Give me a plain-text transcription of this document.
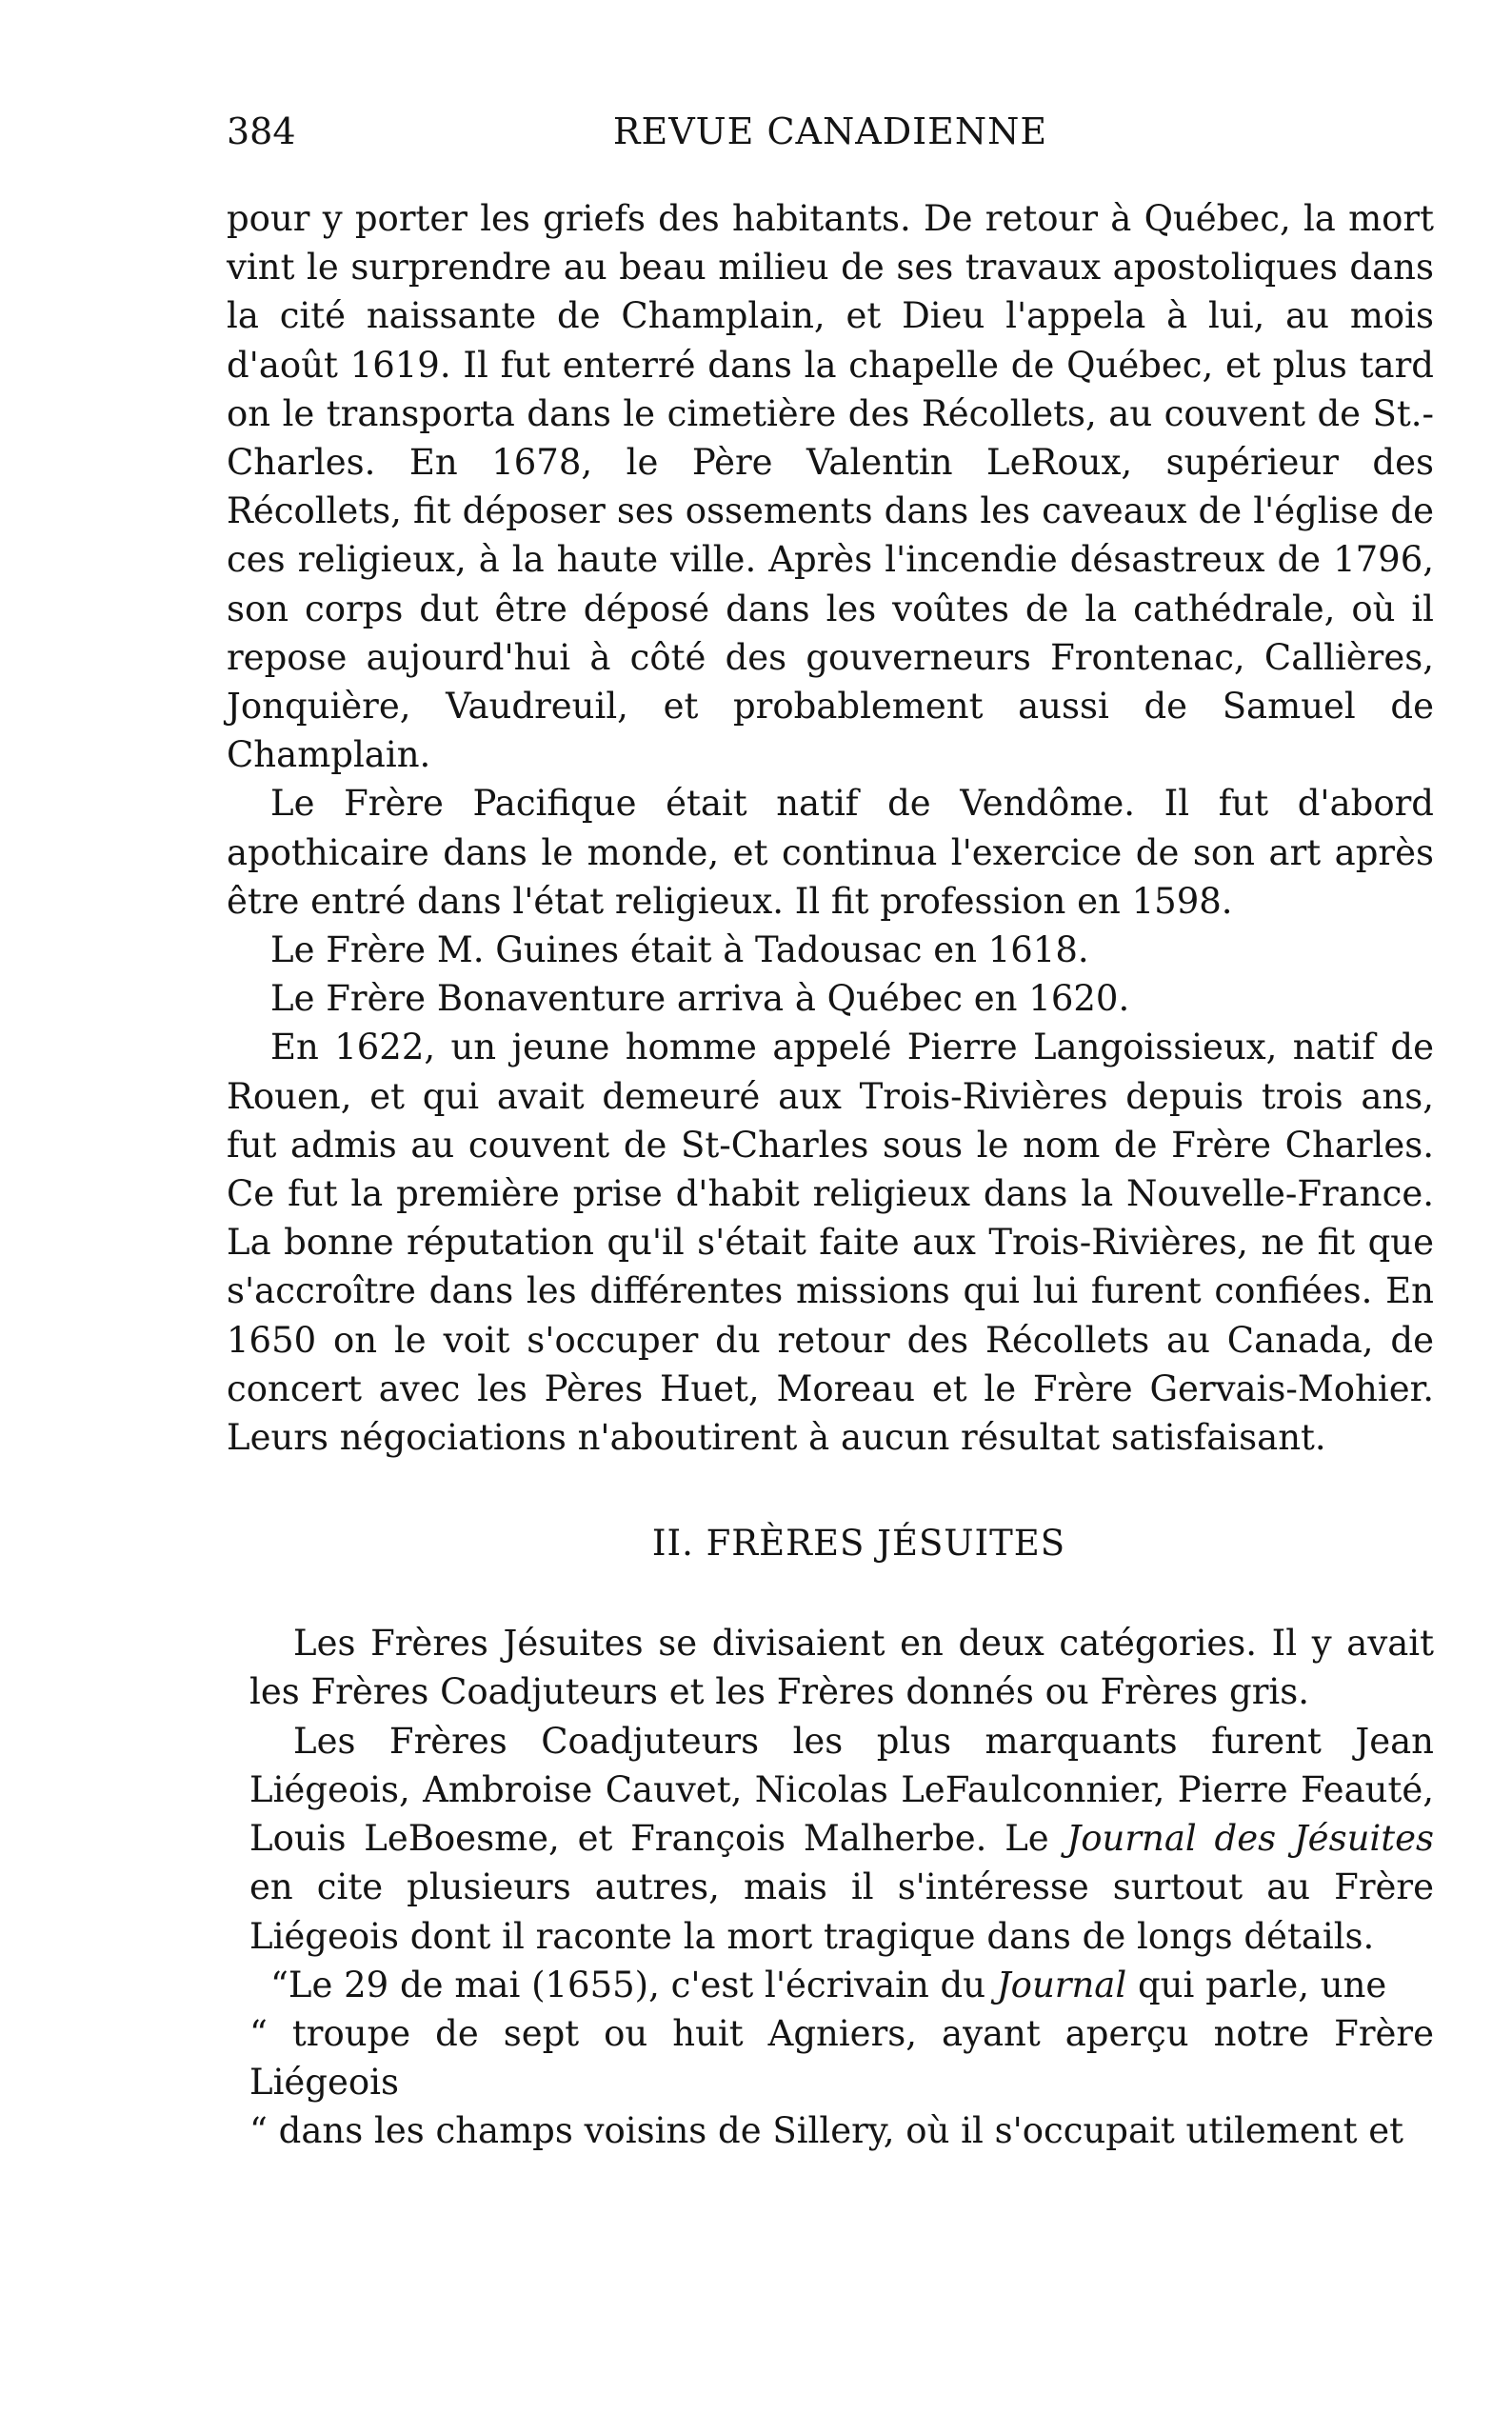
384	REVUE CANADIENNE

pour y porter les griefs des habitants. De retour à Québec, la mort vint le surprendre au beau milieu de ses travaux apostoliques dans la cité naissante de Champlain, et Dieu l'appela à lui, au mois d'août 1619. Il fut enterré dans la chapelle de Québec, et plus tard on le transporta dans le cimetière des Récollets, au couvent de St.-Charles. En 1678, le Père Valentin LeRoux, supérieur des Récollets, fit déposer ses ossements dans les caveaux de l'église de ces religieux, à la haute ville. Après l'incendie désastreux de 1796, son corps dut être déposé dans les voûtes de la cathédrale, où il repose aujourd'hui à côté des gouverneurs Frontenac, Callières, Jonquière, Vaudreuil, et probablement aussi de Samuel de Champlain.

Le Frère Pacifique était natif de Vendôme. Il fut d'abord apothicaire dans le monde, et continua l'exercice de son art après être entré dans l'état religieux. Il fit profession en 1598.

Le Frère M. Guines était à Tadousac en 1618.

Le Frère Bonaventure arriva à Québec en 1620.

En 1622, un jeune homme appelé Pierre Langoissieux, natif de Rouen, et qui avait demeuré aux Trois-Rivières depuis trois ans, fut admis au couvent de St-Charles sous le nom de Frère Charles. Ce fut la première prise d'habit religieux dans la Nouvelle-France. La bonne réputation qu'il s'était faite aux Trois-Rivières, ne fit que s'accroître dans les différentes missions qui lui furent confiées. En 1650 on le voit s'occuper du retour des Récollets au Canada, de concert avec les Pères Huet, Moreau et le Frère Gervais-Mohier. Leurs négociations n'aboutirent à aucun résultat satisfaisant.

II. FRÈRES JÉSUITES

Les Frères Jésuites se divisaient en deux catégories. Il y avait les Frères Coadjuteurs et les Frères donnés ou Frères gris.

Les Frères Coadjuteurs les plus marquants furent Jean Liégeois, Ambroise Cauvet, Nicolas LeFaulconnier, Pierre Feauté, Louis LeBoesme, et François Malherbe. Le Journal des Jésuites en cite plusieurs autres, mais il s'intéresse surtout au Frère Liégeois dont il raconte la mort tragique dans de longs détails.

“Le 29 de mai (1655), c'est l'écrivain du Journal qui parle, une

“ troupe de sept ou huit Agniers, ayant aperçu notre Frère Liégeois

“ dans les champs voisins de Sillery, où il s'occupait utilement et
